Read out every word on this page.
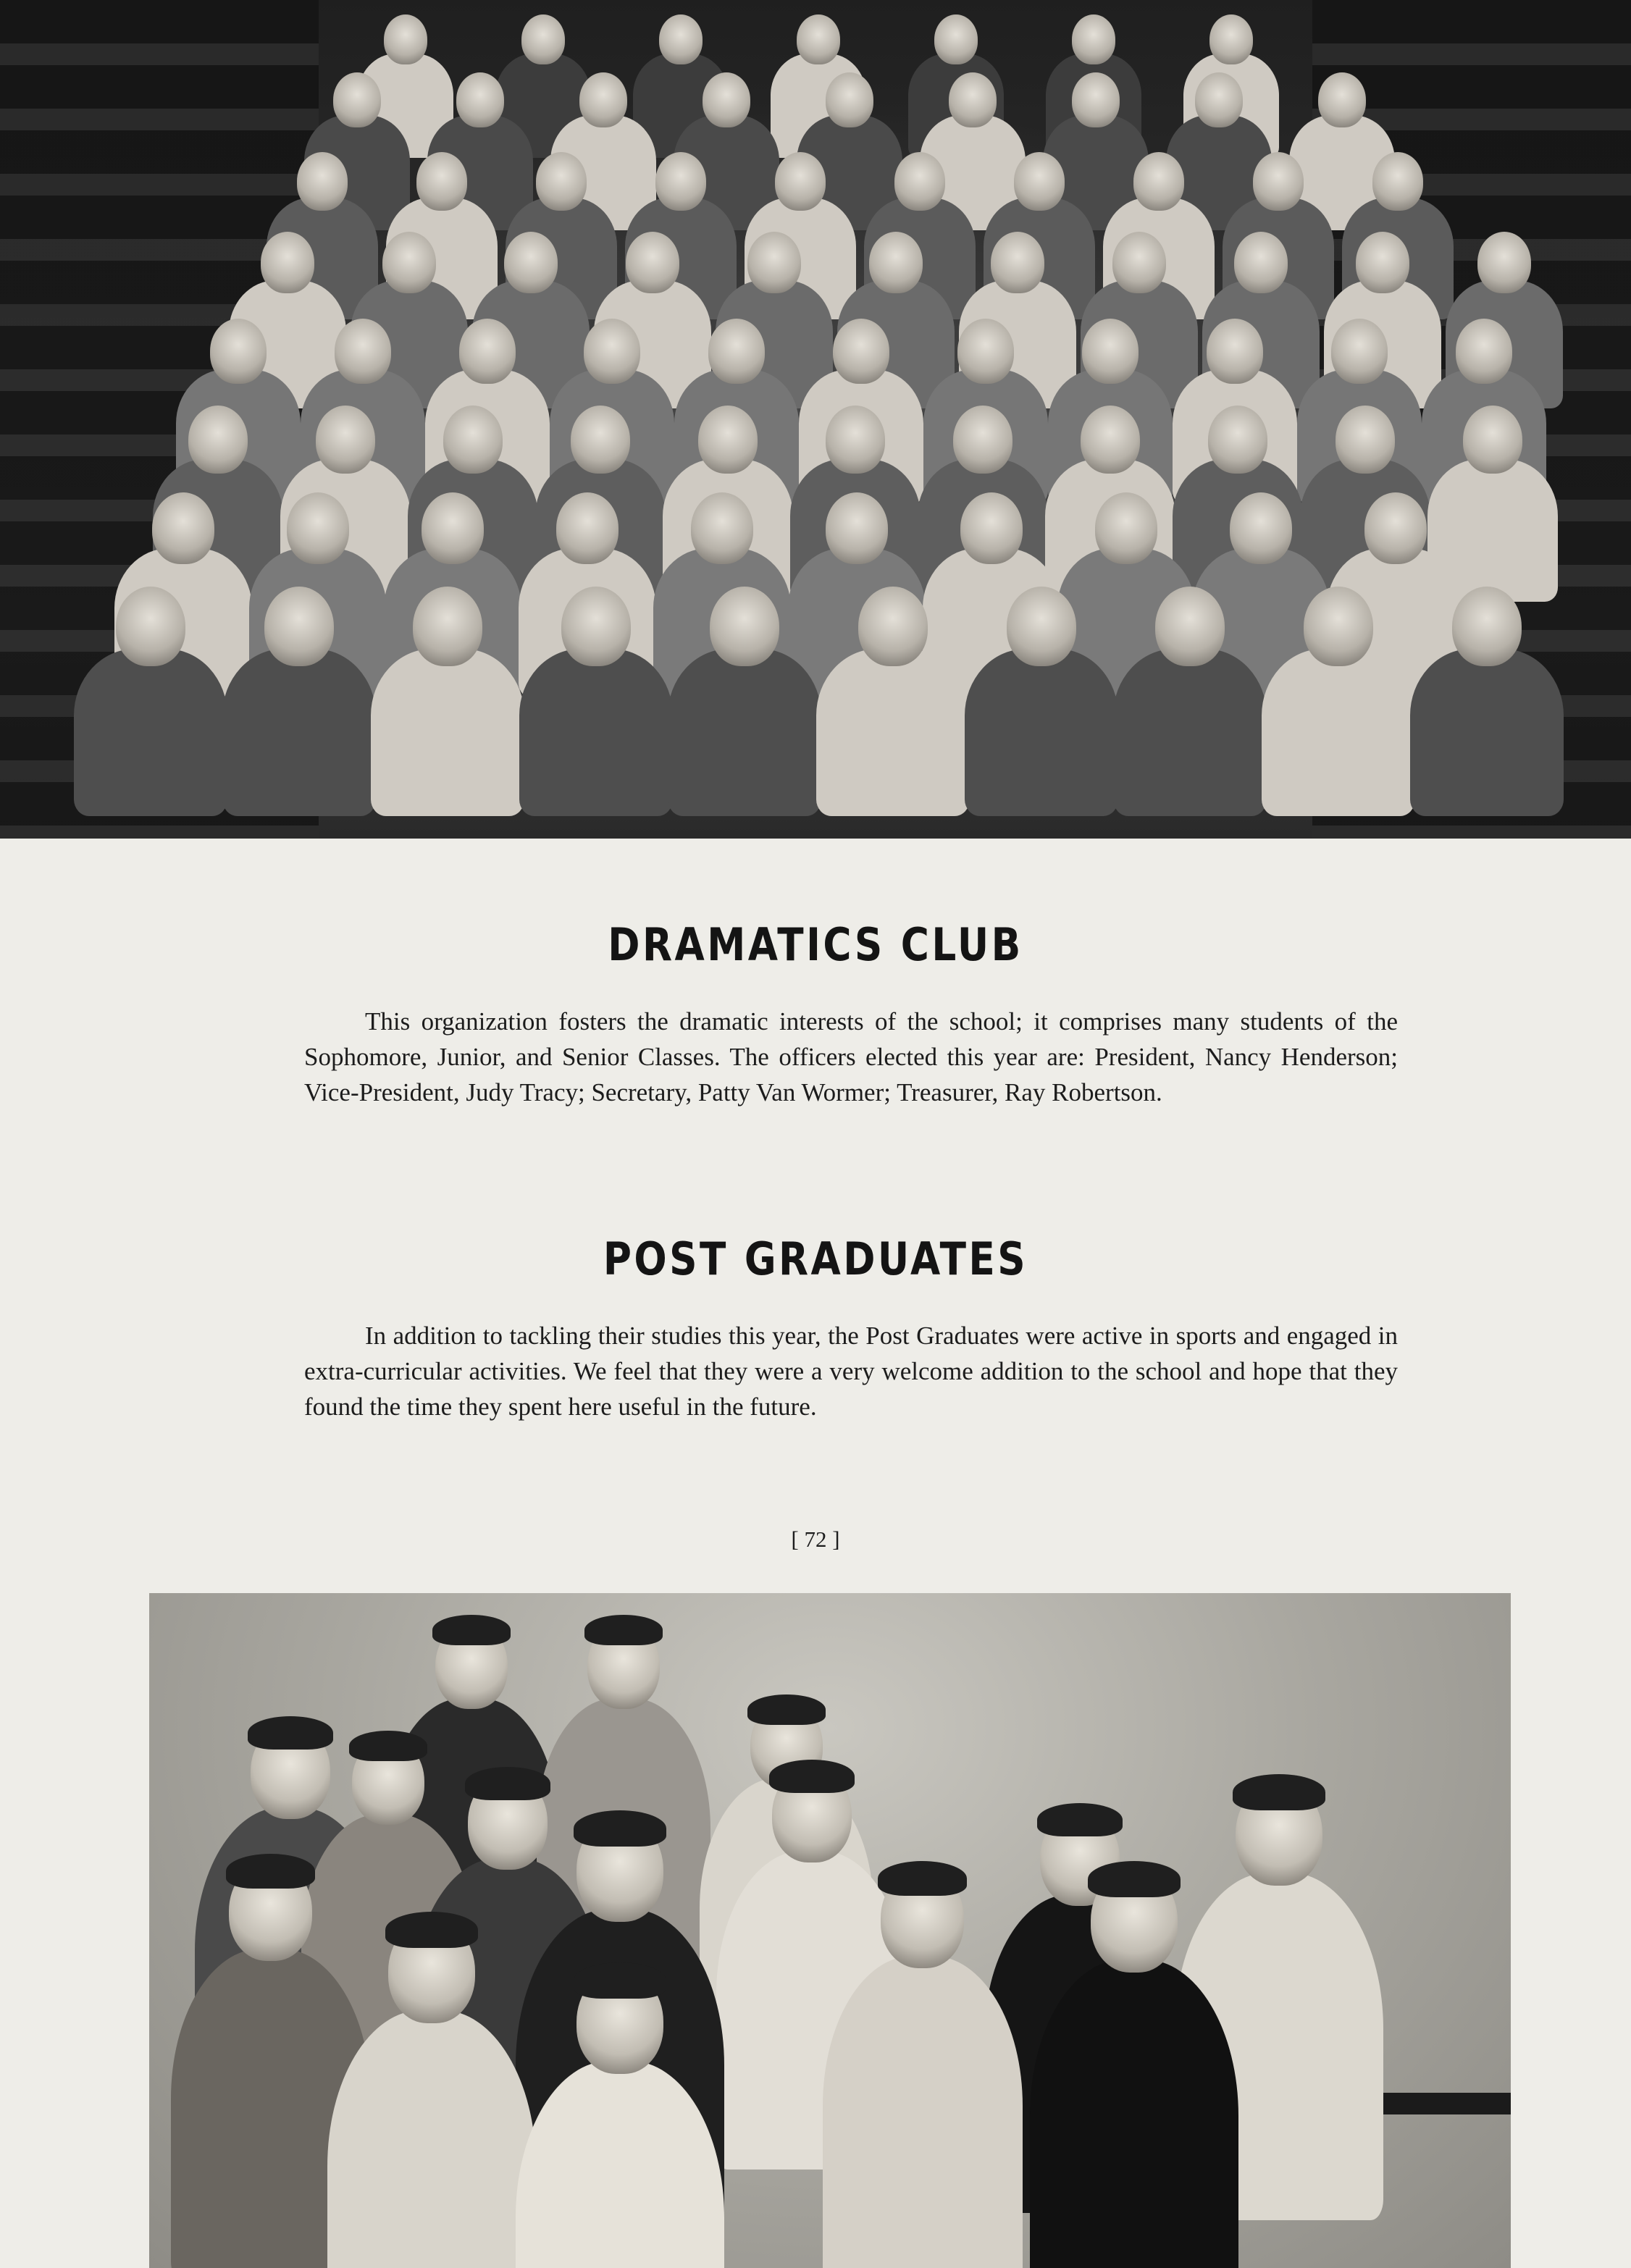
DRAMATICS CLUB

This organization fosters the dramatic interests of the school; it comprises many students of the Sophomore, Junior, and Senior Classes. The officers elected this year are: President, Nancy Henderson; Vice-President, Judy Tracy; Secretary, Patty Van Wormer; Treasurer, Ray Robertson.

POST GRADUATES

In addition to tackling their studies this year, the Post Graduates were active in sports and engaged in extra-curricular activities. We feel that they were a very welcome addition to the school and hope that they found the time they spent here useful in the future.

[ 72 ]
